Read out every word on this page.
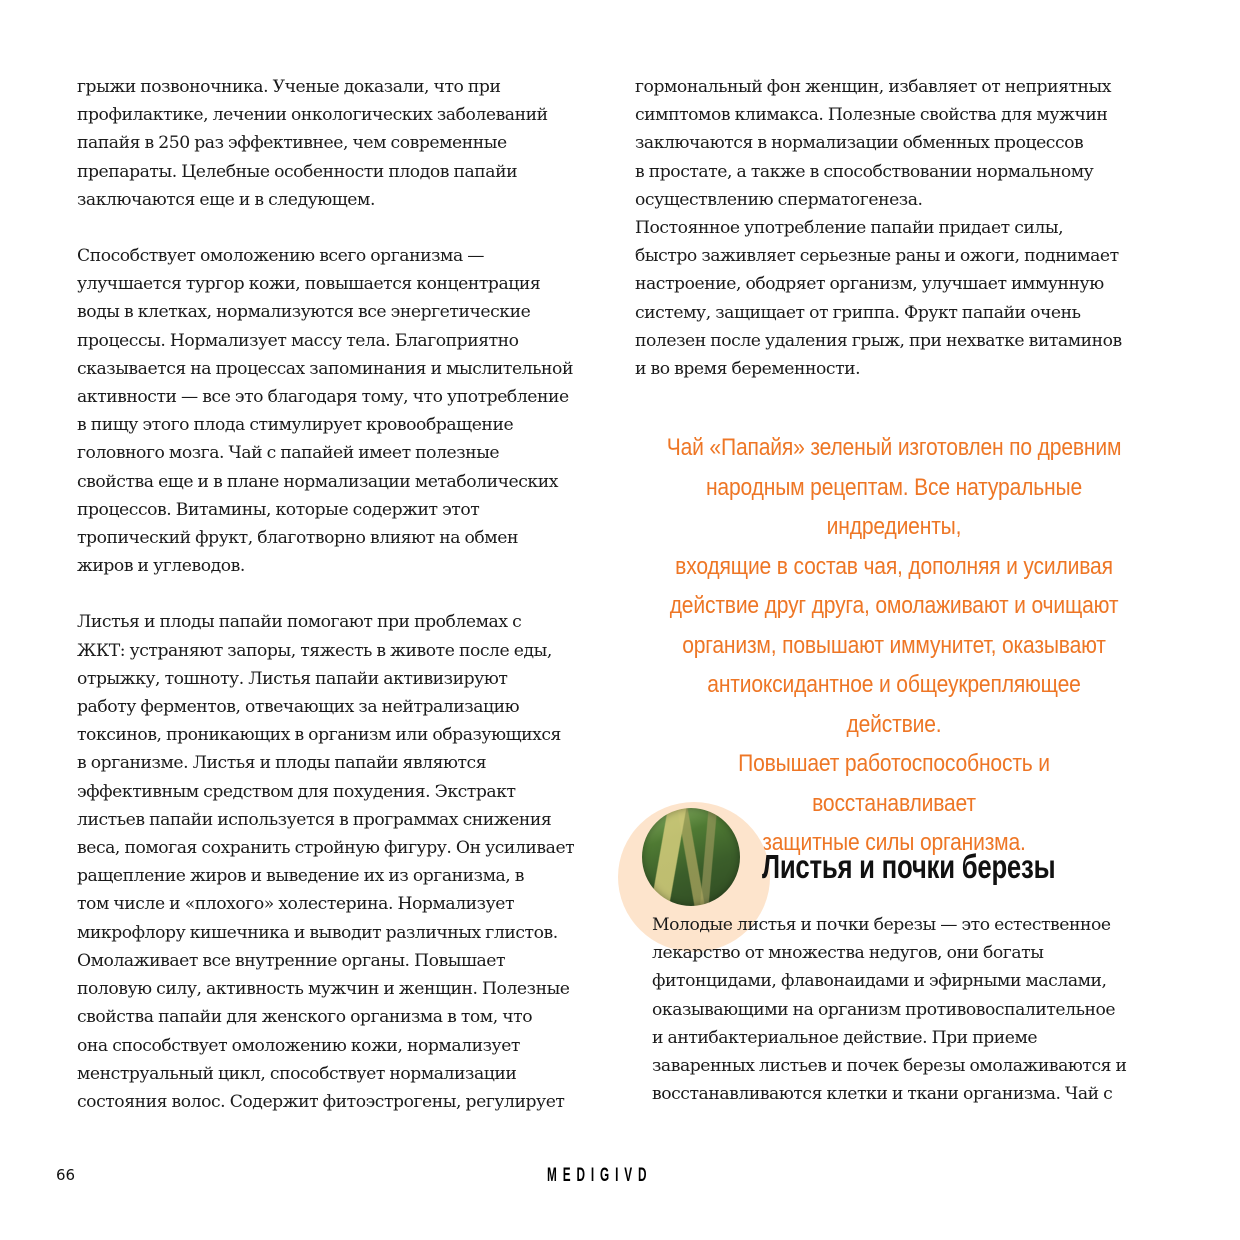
грыжи позвоночника. Ученые доказали, что при
профилактике, лечении онкологических заболеваний
папайя в 250 раз эффективнее, чем современные
препараты. Целебные особенности плодов папайи
заключаются еще и в следующем.

Способствует омоложению всего организма —
улучшается тургор кожи, повышается концентрация
воды в клетках, нормализуются все энергетические
процессы. Нормализует массу тела. Благоприятно
сказывается на процессах запоминания и мыслительной
активности — все это благодаря тому, что употребление
в пищу этого плода стимулирует кровообращение
головного мозга. Чай с папайей имеет полезные
свойства еще и в плане нормализации метаболических
процессов. Витамины, которые содержит этот
тропический фрукт, благотворно влияют на обмен
жиров и углеводов.

Листья и плоды папайи помогают при проблемах с
ЖКТ: устраняют запоры, тяжесть в животе после еды,
отрыжку, тошноту. Листья папайи активизируют
работу ферментов, отвечающих за нейтрализацию
токсинов, проникающих в организм или образующихся
в организме. Листья и плоды папайи являются
эффективным средством для похудения. Экстракт
листьев папайи используется в программах снижения
веса, помогая сохранить стройную фигуру. Он усиливает
ращепление жиров и выведение их из организма, в
том числе и «плохого» холестерина. Нормализует
микрофлору кишечника и выводит различных глистов.
Омолаживает все внутренние органы. Повышает
половую силу, активность мужчин и женщин. Полезные
свойства папайи для женского организма в том, что
она способствует омоложению кожи, нормализует
менструальный цикл, способствует нормализации
состояния волос. Содержит фитоэстрогены, регулирует

гормональный фон женщин, избавляет от неприятных
симптомов климакса. Полезные свойства для мужчин
заключаются в нормализации обменных процессов
в простате, а также в способствовании нормальному
осуществлению сперматогенеза.
Постоянное употребление папайи придает силы,
быстро заживляет серьезные раны и ожоги, поднимает
настроение, ободряет организм, улучшает иммунную
систему, защищает от гриппа. Фрукт папайи очень
полезен после удаления грыж, при нехватке витаминов
и во время беременности.

Чай «Папайя» зеленый изготовлен по древним
народным рецептам. Все натуральные индредиенты,
входящие в состав чая, дополняя и усиливая
действие друг друга, омолаживают и очищают
организм, повышают иммунитет, оказывают
антиоксидантное и общеукрепляющее действие.
Повышает работоспособность и восстанавливает
защитные силы организма.
Листья и почки березы

Молодые листья и почки березы — это естественное
лекарство от множества недугов, они богаты
фитонцидами, флавонаидами и эфирными маслами,
оказывающими на организм противовоспалительное
и антибактериальное действие. При приеме
заваренных листьев и почек березы омолаживаются и
восстанавливаются клетки и ткани организма. Чай с

66	MEDIGIVD
